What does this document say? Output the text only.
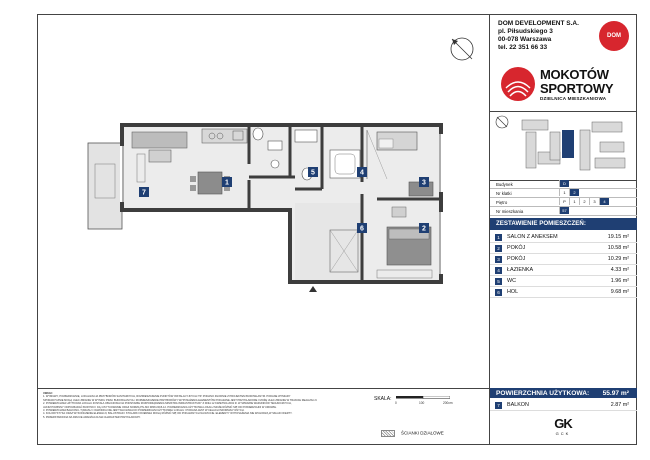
1
2
3
4
5
6
7
DOM DEVELOPMENT S.A.
pl. Piłsudskiego 3
00-078 Warszawa
tel. 22 351 66 33
DOM
MOKOTÓW
SPORTOWY
DZIELNICA MIESZKANIOWA
Budynek	D
Nr klatki	1	2
Piętro	P	1	2	3	4
Nr mieszkania	57
ZESTAWIENIE POMIESZCZEŃ:
1	SALON Z ANEKSEM	19.15 m²
2	POKÓJ	10.58 m²
3	POKÓJ	10.29 m²
4	ŁAZIENKA	4.33 m²
5	WC	1.96 m²
6	HOL	9.68 m²
POWIERZCHNIA UŻYTKOWA: 55.97 m²
7	BALKON	2.87 m²
GK
GCK
UWAGI:
1. WYMIARY, POWIERZCHNIE, LOKALIZACJA PRZYBORÓW SANITARNYCH, ROZMIESZCZENIE PUNKTÓW INSTALACYJNYCH ITP. PODANO ZGODNIE Z PROJEKTEM BUDOWLANYM. PODANE WYMIARY
SPORADYCZNIE MOGĄ ULEC ZMIANIE W WYNIKU PRAC BUDOWLANYCH. ROZMIESZCZENIE PRZYBORÓW I WYPOSAŻENIA ELEMENTÓW POKAZANE JEST PRZYKŁADOWE I MOŻE ULEC ZMIANIE W TRAKCIE REALIZACJI.
2. POWIERZCHNIA UŻYTKOWA LOKALU ZOSTAŁA OBLICZONA NA PODSTAWIE ROZPORZĄDZENIA MINISTRA INFRASTRUKTURY Z DNIA 12 KWIETNIA 2002 R. W SPRAWIE WARUNKÓW TECHNICZNYCH,
JAKIM POWINNY ODPOWIADAĆ BUDYNKI I ICH USYTUOWANIE ORAZ NORMĄ PN-ISO 9836:2015-12. POWIERZCHNIA UŻYTKOWA LOKALU MOŻE RÓŻNIĆ SIĘ OD POWIERZCHNI W UMOWIE.
3. POWIERZCHNIA BALKONU / TARASU / OGRÓDKA NIE JEST WLICZANA DO POWIERZCHNI UŻYTKOWEJ LOKALU I PODANA JEST W CELACH INFORMACYJNYCH.
4. KOLORYSTYKA ORAZ WYKOŃCZENIE ELEWACJI, BALUSTRAD I STOLARKI OKIENNEJ MOGĄ RÓŻNIĆ SIĘ OD POKAZANYCH NA RZUCIE. ELEMENTY WYPOSAŻENIA NIE WCHODZĄ W SKŁAD OFERTY.
5. PRZEDSTAWIONA NA RZUCIE ARANŻACJA MA CHARAKTER PRZYKŁADOWY.
SKALA:
0	100	200cm
ŚCIANKI DZIAŁOWE
